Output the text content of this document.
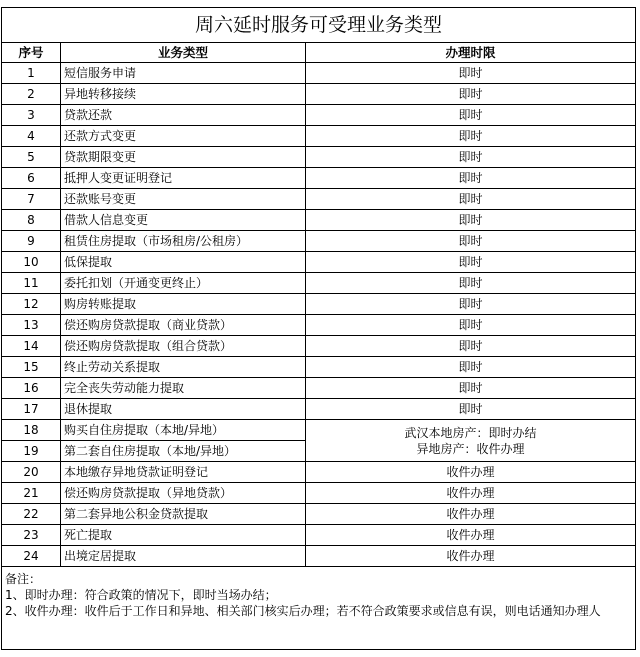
周六延时服务可受理业务类型		
序号	业务类型	办理时限
1	短信服务申请	即时
2	异地转移接续	即时
3	贷款还款	即时
4	还款方式变更	即时
5	贷款期限变更	即时
6	抵押人变更证明登记	即时
7	还款账号变更	即时
8	借款人信息变更	即时
9	租赁住房提取（市场租房/公租房）	即时
10	低保提取	即时
11	委托扣划（开通变更终止）	即时
12	购房转账提取	即时
13	偿还购房贷款提取（商业贷款）	即时
14	偿还购房贷款提取（组合贷款）	即时
15	终止劳动关系提取	即时
16	完全丧失劳动能力提取	即时
17	退休提取	即时
18	购买自住房提取（本地/异地）	武汉本地房产：即时办结
异地房产：收件办理

19	第二套自住房提取（本地/异地）	
20	本地缴存异地贷款证明登记	收件办理
21	偿还购房贷款提取（异地贷款）	收件办理
22	第二套异地公积金贷款提取	收件办理
23	死亡提取	收件办理
24	出境定居提取	收件办理

备注：
1、即时办理：符合政策的情况下，即时当场办结；
2、收件办理：收件后于工作日和异地、相关部门核实后办理；若不符合政策要求或信息有误，则电话通知办理人		
